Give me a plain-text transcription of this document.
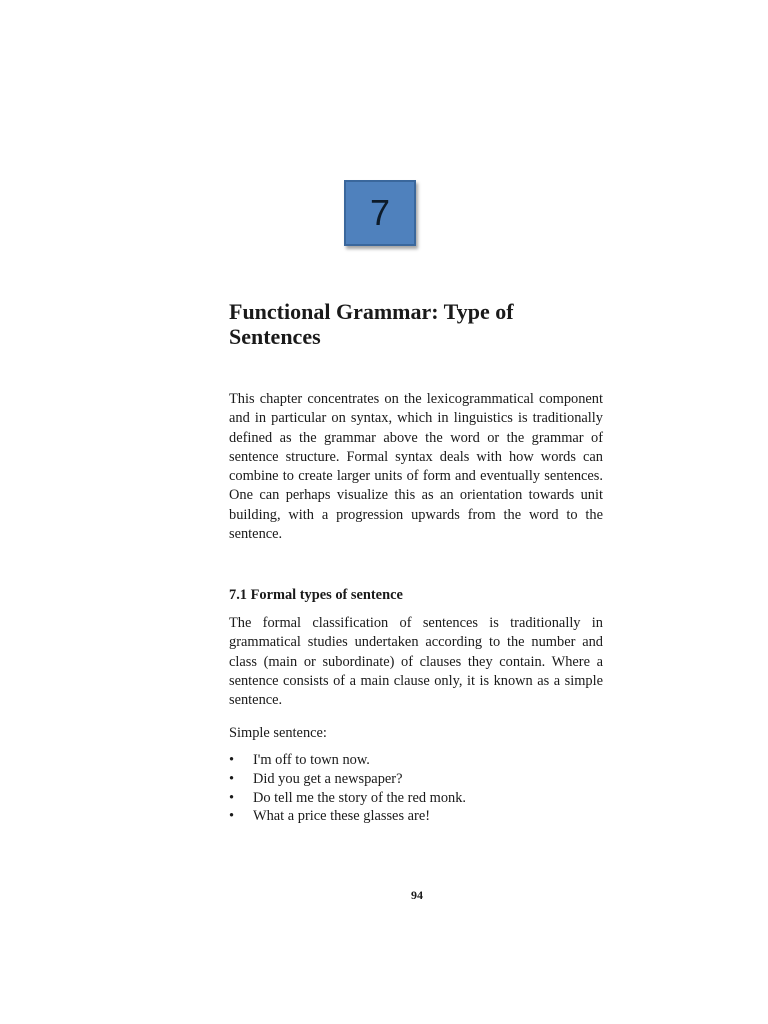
7
Functional Grammar: Type of Sentences

This chapter concentrates on the lexicogrammatical component and in particular on syntax, which in linguistics is traditionally defined as the grammar above the word or the grammar of sentence structure. Formal syntax deals with how words can combine to create larger units of form and eventually sentences. One can perhaps visualize this as an orientation towards unit building, with a progression upwards from the word to the sentence.

7.1 Formal types of sentence

The formal classification of sentences is traditionally in grammatical studies undertaken according to the number and class (main or subordinate) of clauses they contain. Where a sentence consists of a main clause only, it is known as a simple sentence.

Simple sentence:

• I'm off to town now.
• Did you get a newspaper?
• Do tell me the story of the red monk.
• What a price these glasses are!
94
